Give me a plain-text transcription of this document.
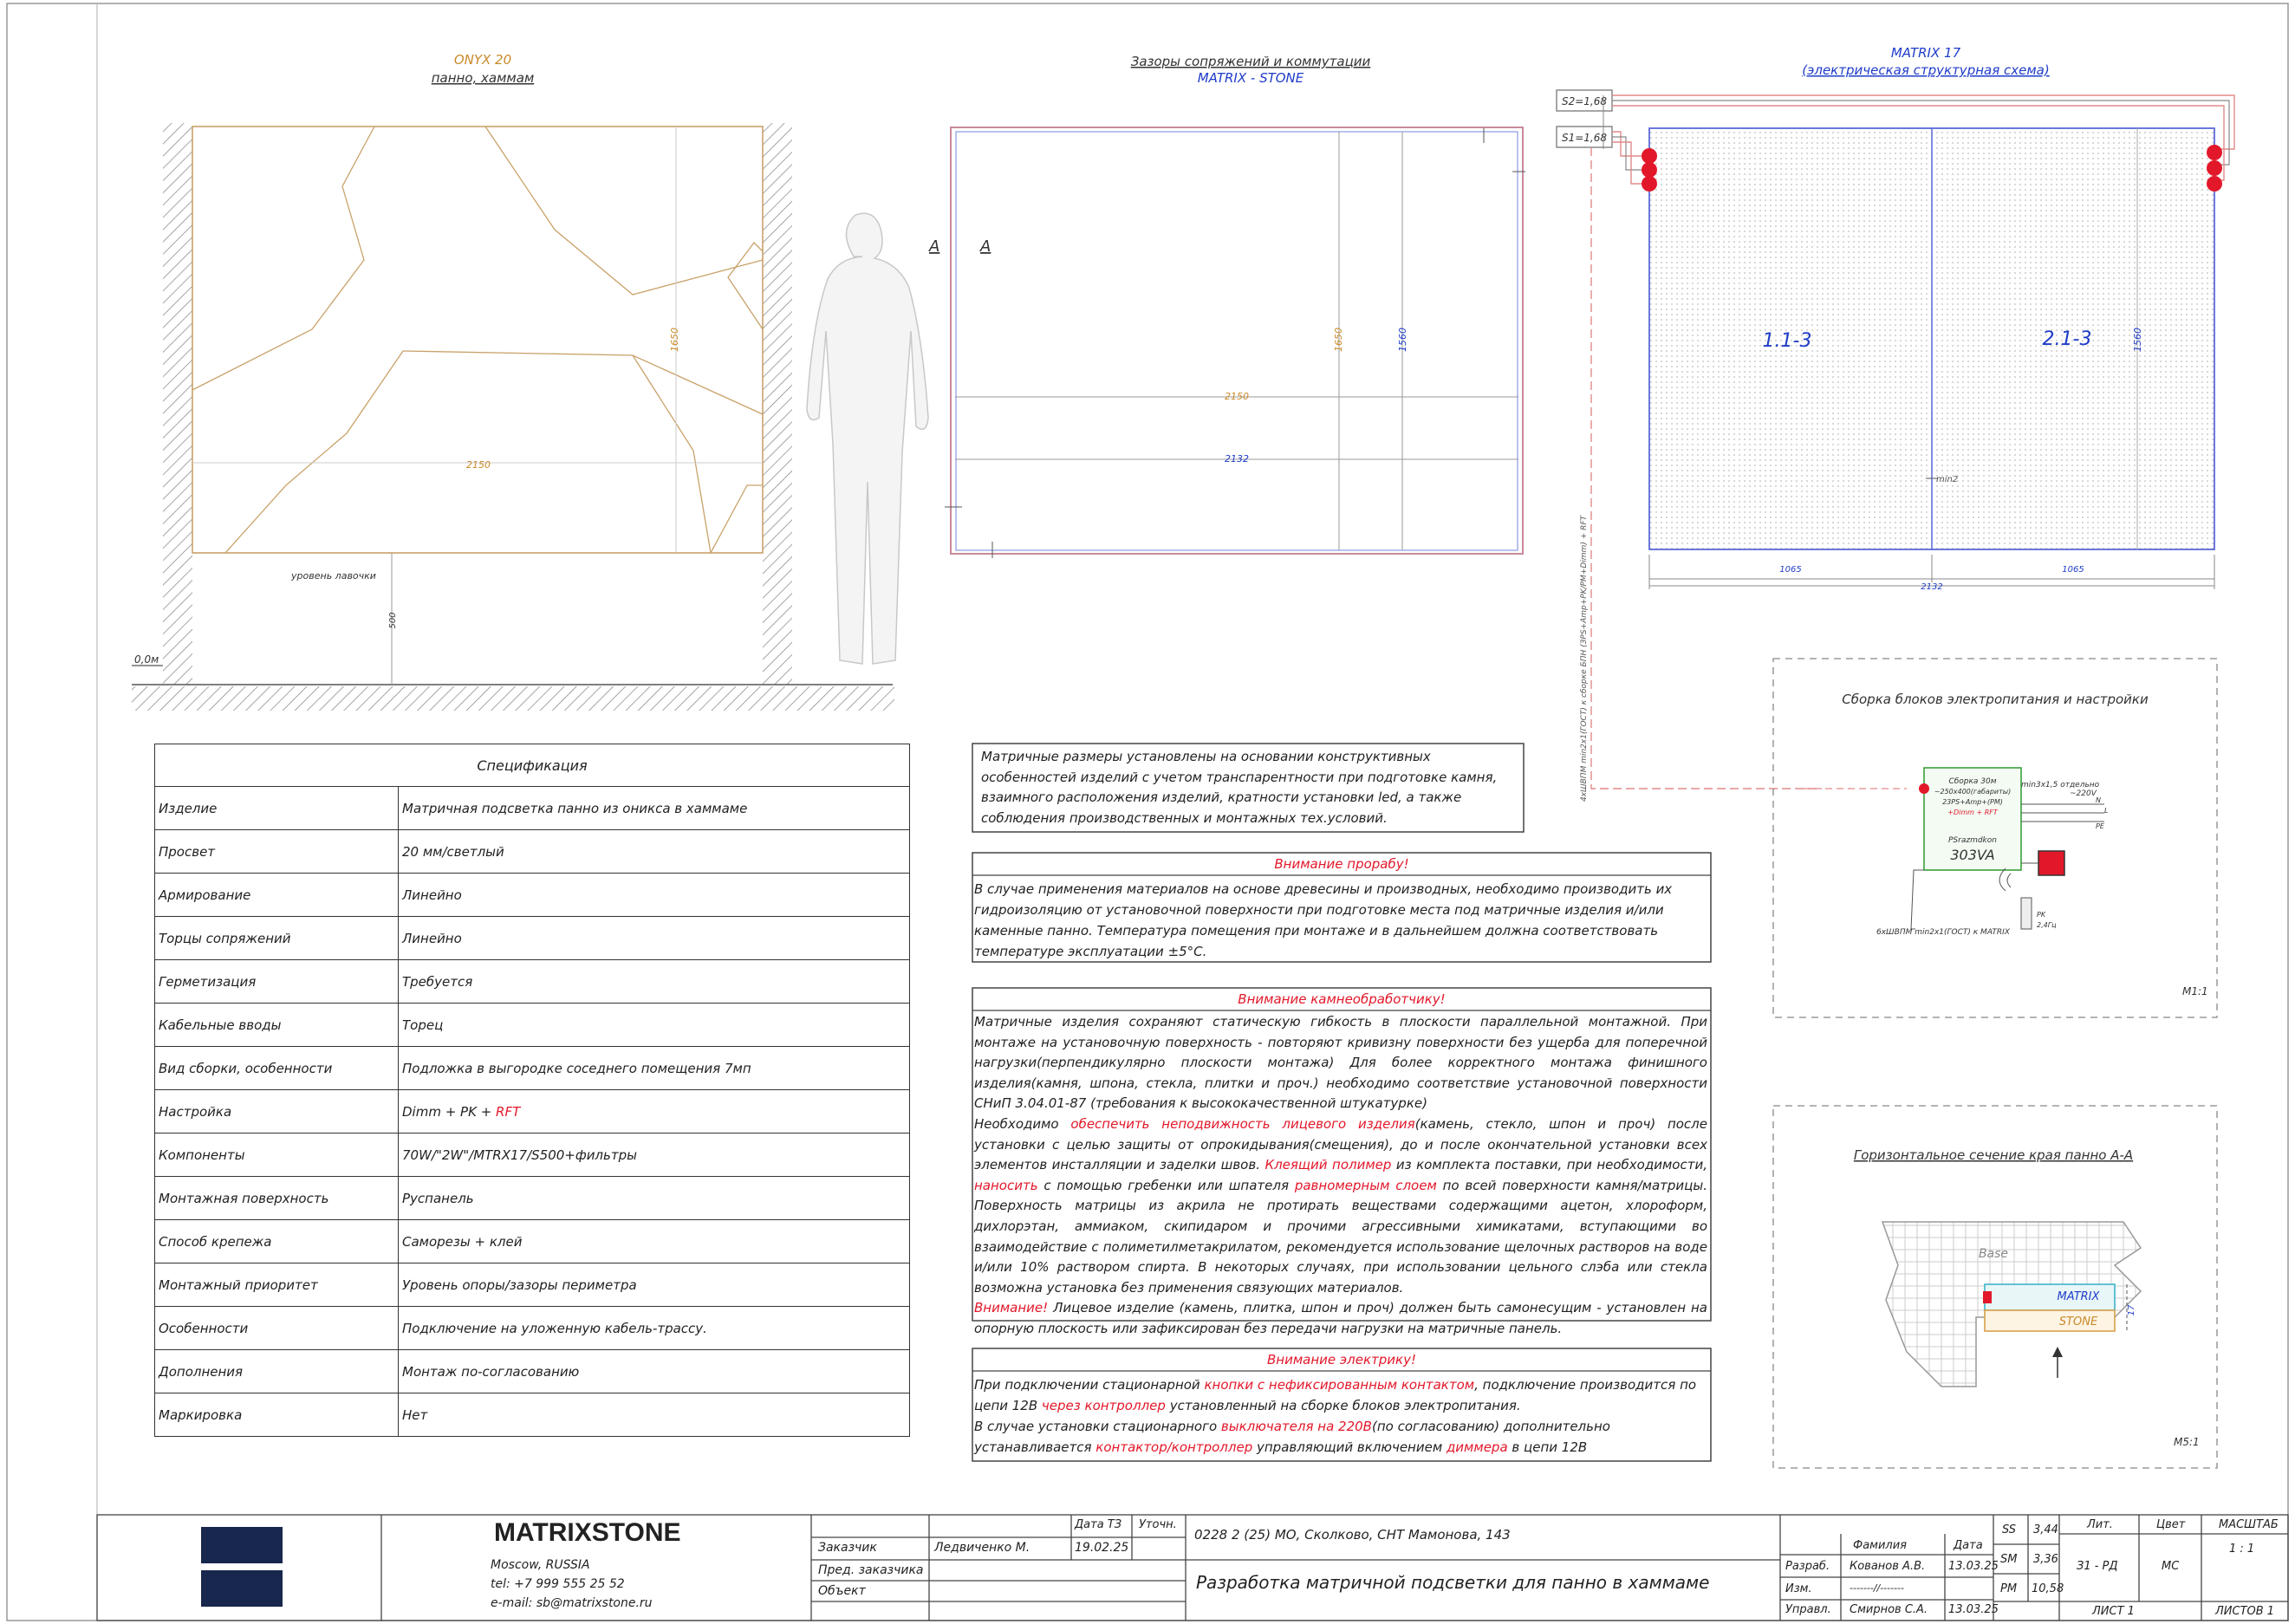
ONYX 20
панно, хаммам
2150
1650
уровень лавочки
500
0,0м
Зазоры сопряжений и коммутации
MATRIX - STONE
2150
2132
1650	1560
A	A
MATRIX 17
(электрическая структурная схема)
1.1-3	2.1-3	1560
min2
1065	1065
2132
S2=1,68
S1=1,68
4хШВПМ min2х1(ГОСТ) к сборке БПН (ЗРS+Amp+PK/PM+Dimm) + RFT	Сборка блоков электропитания и настройки
Сборка 30м
~250х400(габариты)
23PS+Amp+(PM)
+Dimm + RFT
PSrazmdkon
303VA
min3х1,5 отдельно
~220V
N
L
PE
PK
2,4Гц
6хШВПМ min2х1(ГОСТ) к MATRIX
M1:1
Горизонтальное сечение края панно A-A
Base
MATRIX
STONE
17
M5:1
Спецификация	
Изделие	Матричная подсветка панно из оникса в хаммаме
Просвет	20 мм/светлый
Армирование	Линейно
Торцы сопряжений	Линейно
Герметизация	Требуется
Кабельные вводы	Торец
Вид сборки, особенности	Подложка в выгородке соседнего помещения 7мп
Настройка	Dimm + PK + RFT
Компоненты	70W/"2W"/MTRX17/S500+фильтры
Монтажная поверхность	Руспанель
Способ крепежа	Саморезы + клей
Монтажный приоритет	Уровень опоры/зазоры периметра
Особенности	Подключение на уложенную кабель-трассу.
Дополнения	Монтаж по-согласованию
Маркировка	Нет
Матричные размеры установлены на основании конструктивных особенностей изделий с учетом транспарентности при подготовке камня, взаимного расположения изделий, кратности установки led, а также соблюдения производственных и монтажных тех.условий.
Внимание прорабу!
В случае применения материалов на основе древесины и производных, необходимо производить их гидроизоляцию от установочной поверхности при подготовке места под матричные изделия и/или каменные панно. Температура помещения при монтаже и в дальнейшем должна соответствовать температуре эксплуатации ±5°С.
Внимание камнеобработчику!
Матричные изделия сохраняют статическую гибкость в плоскости параллельной монтажной. При монтаже на установочную поверхность - повторяют кривизну поверхности без ущерба для поперечной нагрузки(перпендикулярно плоскости монтажа) Для более корректного монтажа финишного изделия(камня, шпона, стекла, плитки и проч.) необходимо соответствие установочной поверхности СНиП 3.04.01-87 (требования к высококачественной штукатурке)
Необходимо обеспечить неподвижность лицевого изделия(камень, стекло, шпон и проч) после установки с целью защиты от опрокидывания(смещения), до и после окончательной установки всех элементов инсталляции и заделки швов. Клеящий полимер из комплекта поставки, при необходимости, наносить с помощью гребенки или шпателя равномерным слоем по всей поверхности камня/матрицы. Поверхность матрицы из акрила не протирать веществами содержащими ацетон, хлороформ, дихлорэтан, аммиаком, скипидаром и прочими агрессивными химикатами, вступающими во взаимодействие с полиметилметакрилатом, рекомендуется использование щелочных растворов на воде и/или 10% раствором спирта. В некоторых случаях, при использовании цельного слэба или стекла возможна установка без применения связующих материалов.
Внимание! Лицевое изделие (камень, плитка, шпон и проч) должен быть самонесущим - установлен на опорную плоскость или зафиксирован без передачи нагрузки на матричные панель.
Внимание электрику!
При подключении стационарной кнопки с нефиксированным контактом, подключение производится по цепи 12В через контроллер установленный на сборке блоков электропитания.
В случае установки стационарного выключателя на 220В(по согласованию) дополнительно устанавливается контактор/контроллер управляющий включением диммера в цепи 12В
MATRIXSTONE
Moscow, RUSSIA
tel: +7 999 555 25 52
e-mail: sb@matrixstone.ru
Дата ТЗ Уточн.
Заказчик	Ледвиченко М.	19.02.25
Пред. заказчика
Объект
0228 2 (25) МО, Сколково, СНТ Мамонова, 143
Разработка матричной подсветки для панно в хаммаме
Фамилия	Дата
Разраб. Кованов А.В. 13.03.25
Изм.	-------//-------
Управл. Смирнов С.А. 13.03.25
SS 3,44
SM 3,36
PM 10,58
Лит.
З1 - РД
Цвет
MC
МАСШТАБ
1 : 1
ЛИСТ 1	ЛИСТОВ 1
